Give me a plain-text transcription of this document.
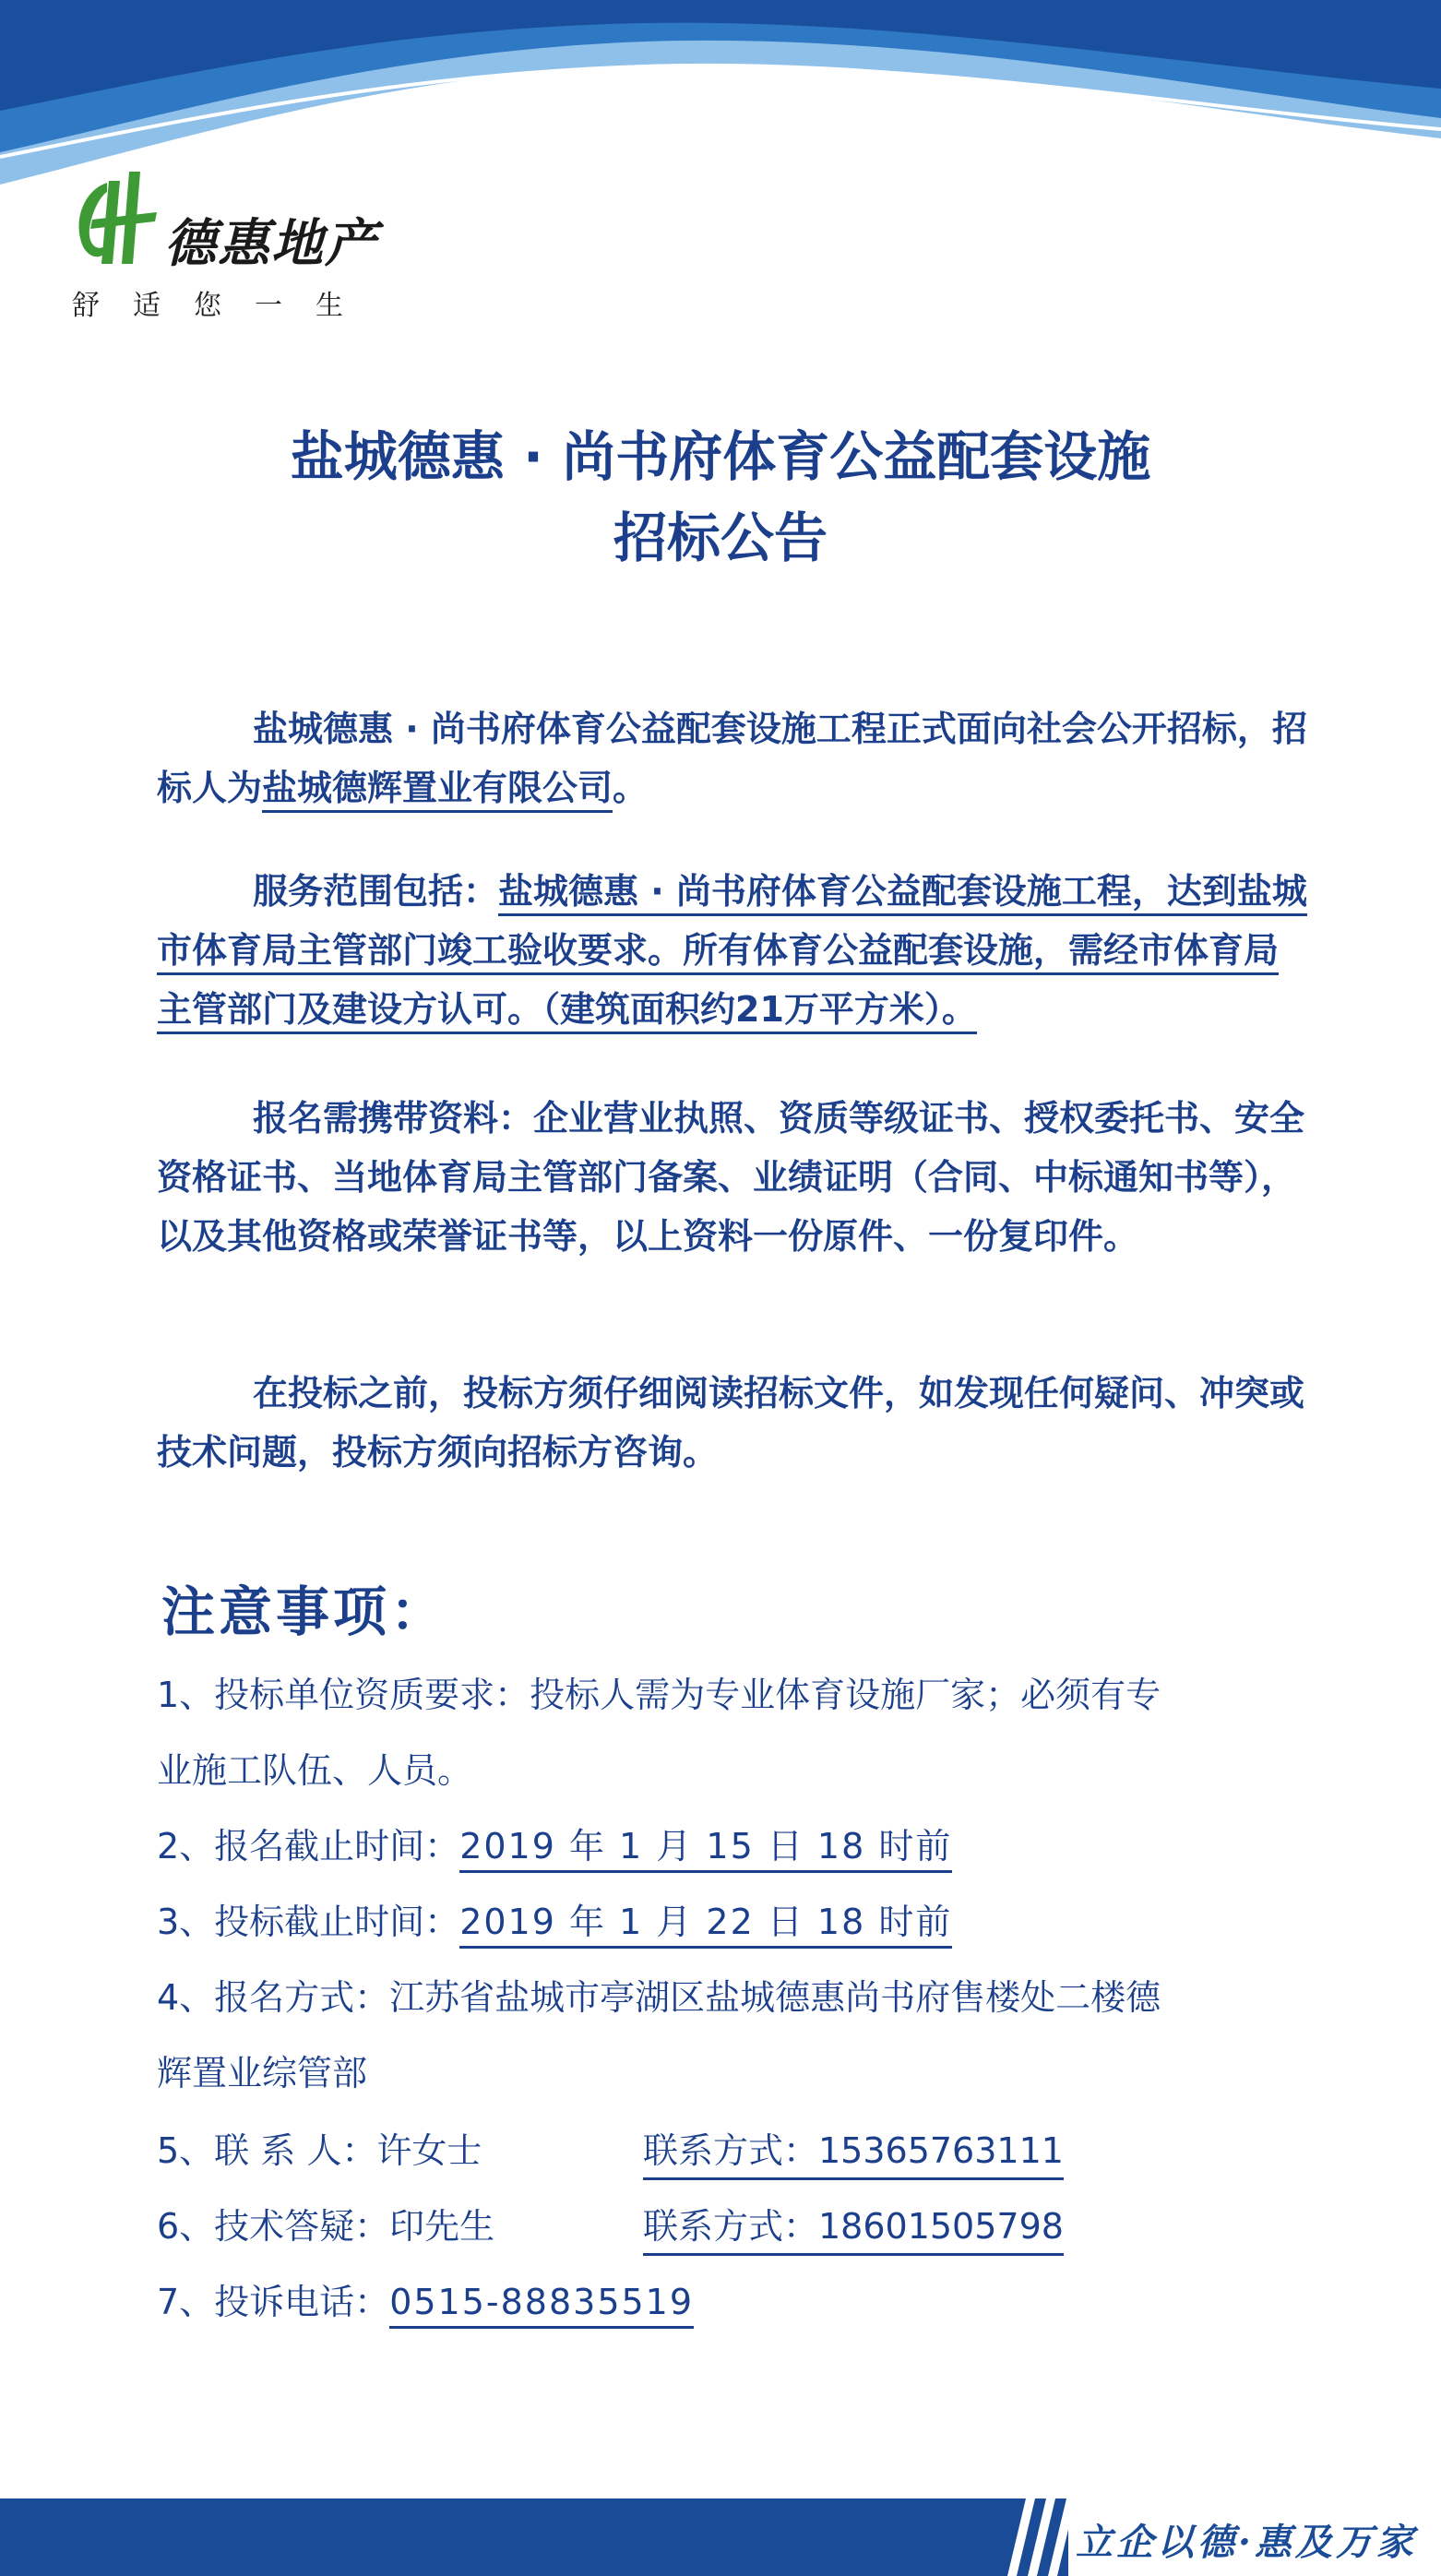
德惠地产
舒适您一生
盐城德惠 · 尚书府体育公益配套设施
招标公告

盐城德惠 · 尚书府体育公益配套设施工程正式面向社会公开招标，招标人为盐城德辉置业有限公司。

服务范围包括：盐城德惠 · 尚书府体育公益配套设施工程，达到盐城市体育局主管部门竣工验收要求。所有体育公益配套设施，需经市体育局主管部门及建设方认可。（建筑面积约21万平方米）。

报名需携带资料：企业营业执照、资质等级证书、授权委托书、安全资格证书、当地体育局主管部门备案、业绩证明（合同、中标通知书等），以及其他资格或荣誉证书等，以上资料一份原件、一份复印件。

在投标之前，投标方须仔细阅读招标文件，如发现任何疑问、冲突或技术问题，投标方须向招标方咨询。

注意事项：
1、投标单位资质要求：投标人需为专业体育设施厂家；必须有专
业施工队伍、人员。
2、报名截止时间：2019 年 1 月 15 日 18 时前
3、投标截止时间：2019 年 1 月 22 日 18 时前
4、报名方式：江苏省盐城市亭湖区盐城德惠尚书府售楼处二楼德
辉置业综管部
5、联 系 人：许女士	联系方式：15365763111
6、技术答疑：印先生	联系方式：18601505798
7、投诉电话：0515-88835519
立企以德·惠及万家
